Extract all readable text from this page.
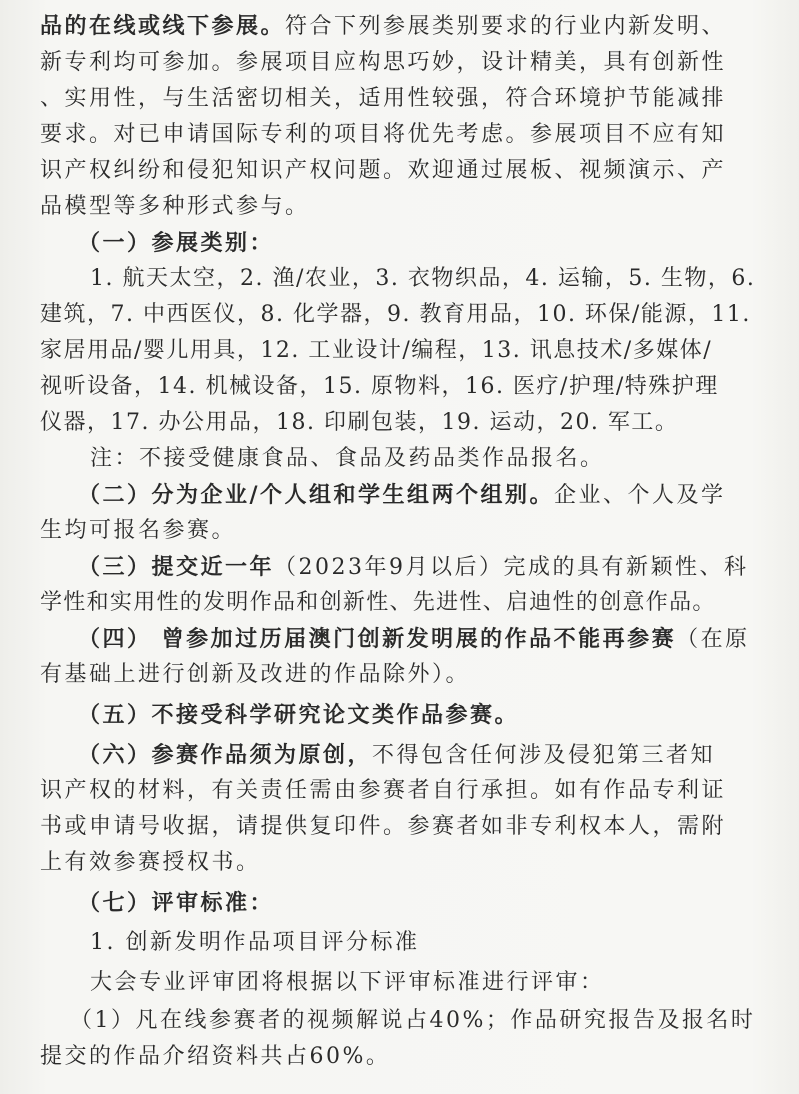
品的在线或线下参展。符合下列参展类别要求的行业内新发明、
新专利均可参加。参展项目应构思巧妙，设计精美，具有创新性
、实用性，与生活密切相关，适用性较强，符合环境护节能减排
要求。对已申请国际专利的项目将优先考虑。参展项目不应有知
识产权纠纷和侵犯知识产权问题。欢迎通过展板、视频演示、产
品模型等多种形式参与。
（一）参展类别：
1. 航天太空，2. 渔/农业，3. 衣物织品，4. 运输，5. 生物，6.
建筑，7. 中西医仪，8. 化学器，9. 教育用品，10. 环保/能源，11.
家居用品/婴儿用具，12. 工业设计/编程，13. 讯息技术/多媒体/
视听设备，14. 机械设备，15. 原物料，16. 医疗/护理/特殊护理
仪器，17. 办公用品，18. 印刷包装，19. 运动，20. 军工。
注：不接受健康食品、食品及药品类作品报名。
（二）分为企业/个人组和学生组两个组别。企业、个人及学
生均可报名参赛。
（三）提交近一年（2023年9月以后）完成的具有新颖性、科
学性和实用性的发明作品和创新性、先进性、启迪性的创意作品。
（四） 曾参加过历届澳门创新发明展的作品不能再参赛（在原
有基础上进行创新及改进的作品除外）。
（五）不接受科学研究论文类作品参赛。
（六）参赛作品须为原创，不得包含任何涉及侵犯第三者知
识产权的材料，有关责任需由参赛者自行承担。如有作品专利证
书或申请号收据，请提供复印件。参赛者如非专利权本人，需附
上有效参赛授权书。
（七）评审标准：
1. 创新发明作品项目评分标准
大会专业评审团将根据以下评审标准进行评审：
（1）凡在线参赛者的视频解说占40%；作品研究报告及报名时
提交的作品介绍资料共占60%。
